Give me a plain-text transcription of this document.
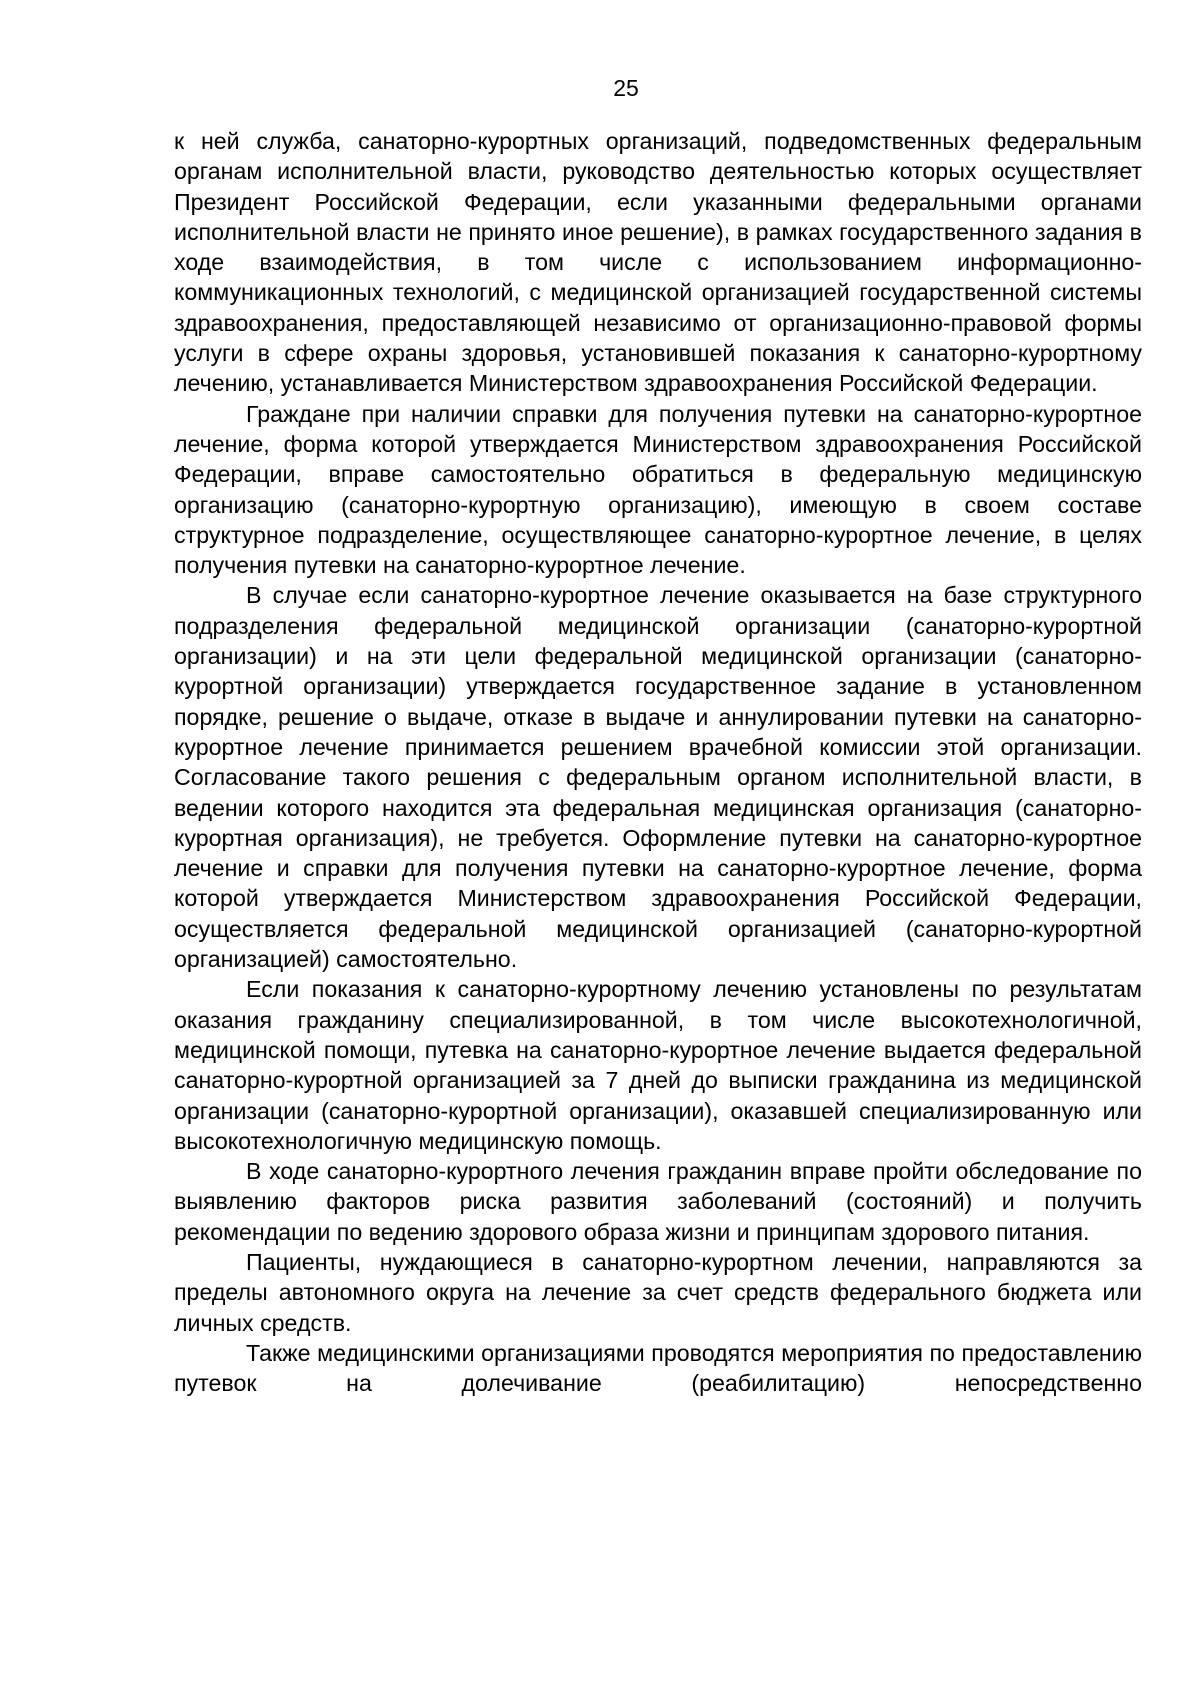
25

к ней служба, санаторно-курортных организаций, подведомственных федеральным органам исполнительной власти, руководство деятельностью которых осуществляет Президент Российской Федерации, если указанными федеральными органами исполнительной власти не принято иное решение), в рамках государственного задания в ходе взаимодействия, в том числе с использованием информационно-коммуникационных технологий, с медицинской организацией государственной системы здравоохранения, предоставляющей независимо от организационно-правовой формы услуги в сфере охраны здоровья, установившей показания к санаторно-курортному лечению, устанавливается Министерством здравоохранения Российской Федерации.

Граждане при наличии справки для получения путевки на санаторно-курортное лечение, форма которой утверждается Министерством здравоохранения Российской Федерации, вправе самостоятельно обратиться в федеральную медицинскую организацию (санаторно-курортную организацию), имеющую в своем составе структурное подразделение, осуществляющее санаторно-курортное лечение, в целях получения путевки на санаторно-курортное лечение.

В случае если санаторно-курортное лечение оказывается на базе структурного подразделения федеральной медицинской организации (санаторно-курортной организации) и на эти цели федеральной медицинской организации (санаторно-курортной организации) утверждается государственное задание в установленном порядке, решение о выдаче, отказе в выдаче и аннулировании путевки на санаторно-курортное лечение принимается решением врачебной комиссии этой организации. Согласование такого решения с федеральным органом исполнительной власти, в ведении которого находится эта федеральная медицинская организация (санаторно-курортная организация), не требуется. Оформление путевки на санаторно-курортное лечение и справки для получения путевки на санаторно-курортное лечение, форма которой утверждается Министерством здравоохранения Российской Федерации, осуществляется федеральной медицинской организацией (санаторно-курортной организацией) самостоятельно.

Если показания к санаторно-курортному лечению установлены по результатам оказания гражданину специализированной, в том числе высокотехнологичной, медицинской помощи, путевка на санаторно-курортное лечение выдается федеральной санаторно-курортной организацией за 7 дней до выписки гражданина из медицинской организации (санаторно-курортной организации), оказавшей специализированную или высокотехнологичную медицинскую помощь.

В ходе санаторно-курортного лечения гражданин вправе пройти обследование по выявлению факторов риска развития заболеваний (состояний) и получить рекомендации по ведению здорового образа жизни и принципам здорового питания.

Пациенты, нуждающиеся в санаторно-курортном лечении, направляются за пределы автономного округа на лечение за счет средств федерального бюджета или личных средств.

Также медицинскими организациями проводятся мероприятия по предоставлению путевок на долечивание (реабилитацию) непосредственно
